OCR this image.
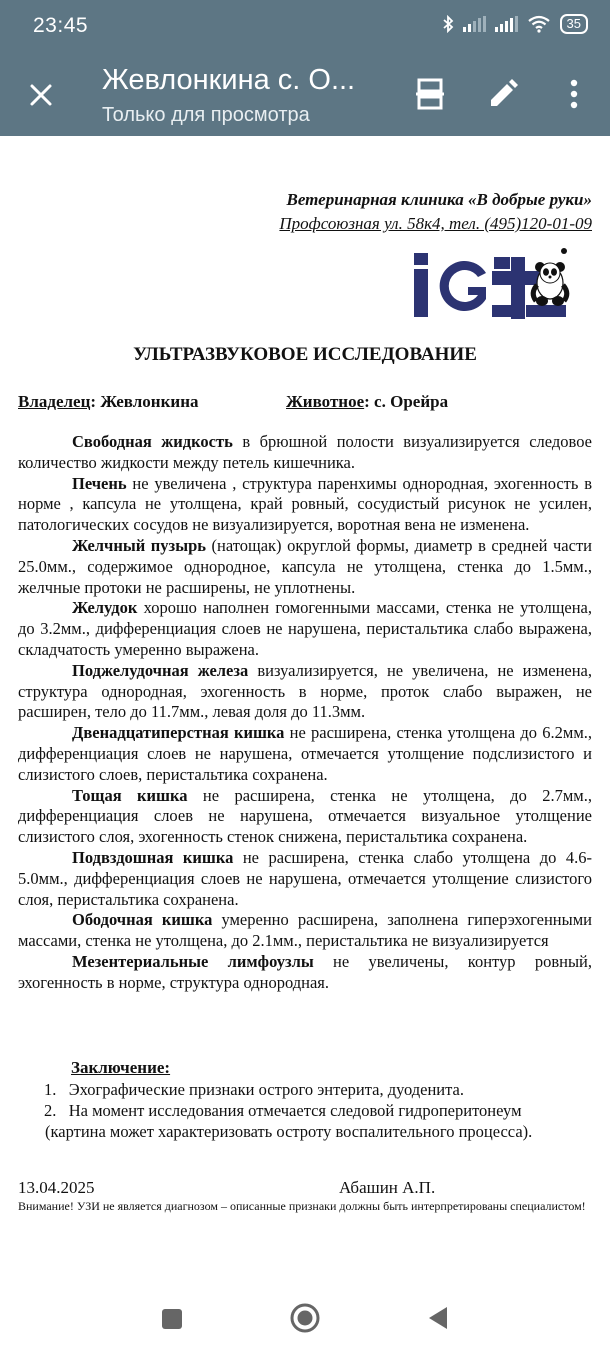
23:45	35
Жевлонкина с. О...
Только для просмотра
Ветеринарная клиника «В добрые руки»
Профсоюзная ул. 58к4, тел. (495)120-01-09
УЛЬТРАЗВУКОВОЕ ИССЛЕДОВАНИЕ
Владелец: Жевлонкина	Животное: с. Орейра

Свободная жидкость в брюшной полости визуализируется следовое количество жидкости между петель кишечника.

Печень не увеличена , структура паренхимы однородная, эхогенность в норме , капсула не утолщена, край ровный, сосудистый рисунок не усилен, патологических сосудов не визуализируется, воротная вена не изменена.

Желчный пузырь (натощак) округлой формы, диаметр в средней части 25.0мм., содержимое однородное, капсула не утолщена, стенка до 1.5мм., желчные протоки не расширены, не уплотнены.

Желудок хорошо наполнен гомогенными массами, стенка не утолщена, до 3.2мм., дифференциация слоев не нарушена, перистальтика слабо выражена, складчатость умеренно выражена.

Поджелудочная железа визуализируется, не увеличена, не изменена, структура однородная, эхогенность в норме, проток слабо выражен, не расширен, тело до 11.7мм., левая доля до 11.3мм.

Двенадцатиперстная кишка не расширена, стенка утолщена до 6.2мм., дифференциация слоев не нарушена, отмечается утолщение подслизистого и слизистого слоев, перистальтика сохранена.

Тощая кишка не расширена, стенка не утолщена, до 2.7мм., дифференциация слоев не нарушена, отмечается визуальное утолщение слизистого слоя, эхогенность стенок снижена, перистальтика сохранена.

Подвздошная кишка не расширена, стенка слабо утолщена до 4.6-5.0мм., дифференциация слоев не нарушена, отмечается утолщение слизистого слоя, перистальтика сохранена.

Ободочная кишка умеренно расширена, заполнена гиперэхогенными массами, стенка не утолщена, до 2.1мм., перистальтика не визуализируется

Мезентериальные лимфоузлы не увеличены, контур ровный, эхогенность в норме, структура однородная.

Заключение:
1. Эхографические признаки острого энтерита, дуоденита.
2. На момент исследования отмечается следовой гидроперитонеум
(картина может характеризовать остроту воспалительного процесса).
13.04.2025	Абашин А.П.
Внимание! УЗИ не является диагнозом – описанные признаки должны быть интерпретированы специалистом!
